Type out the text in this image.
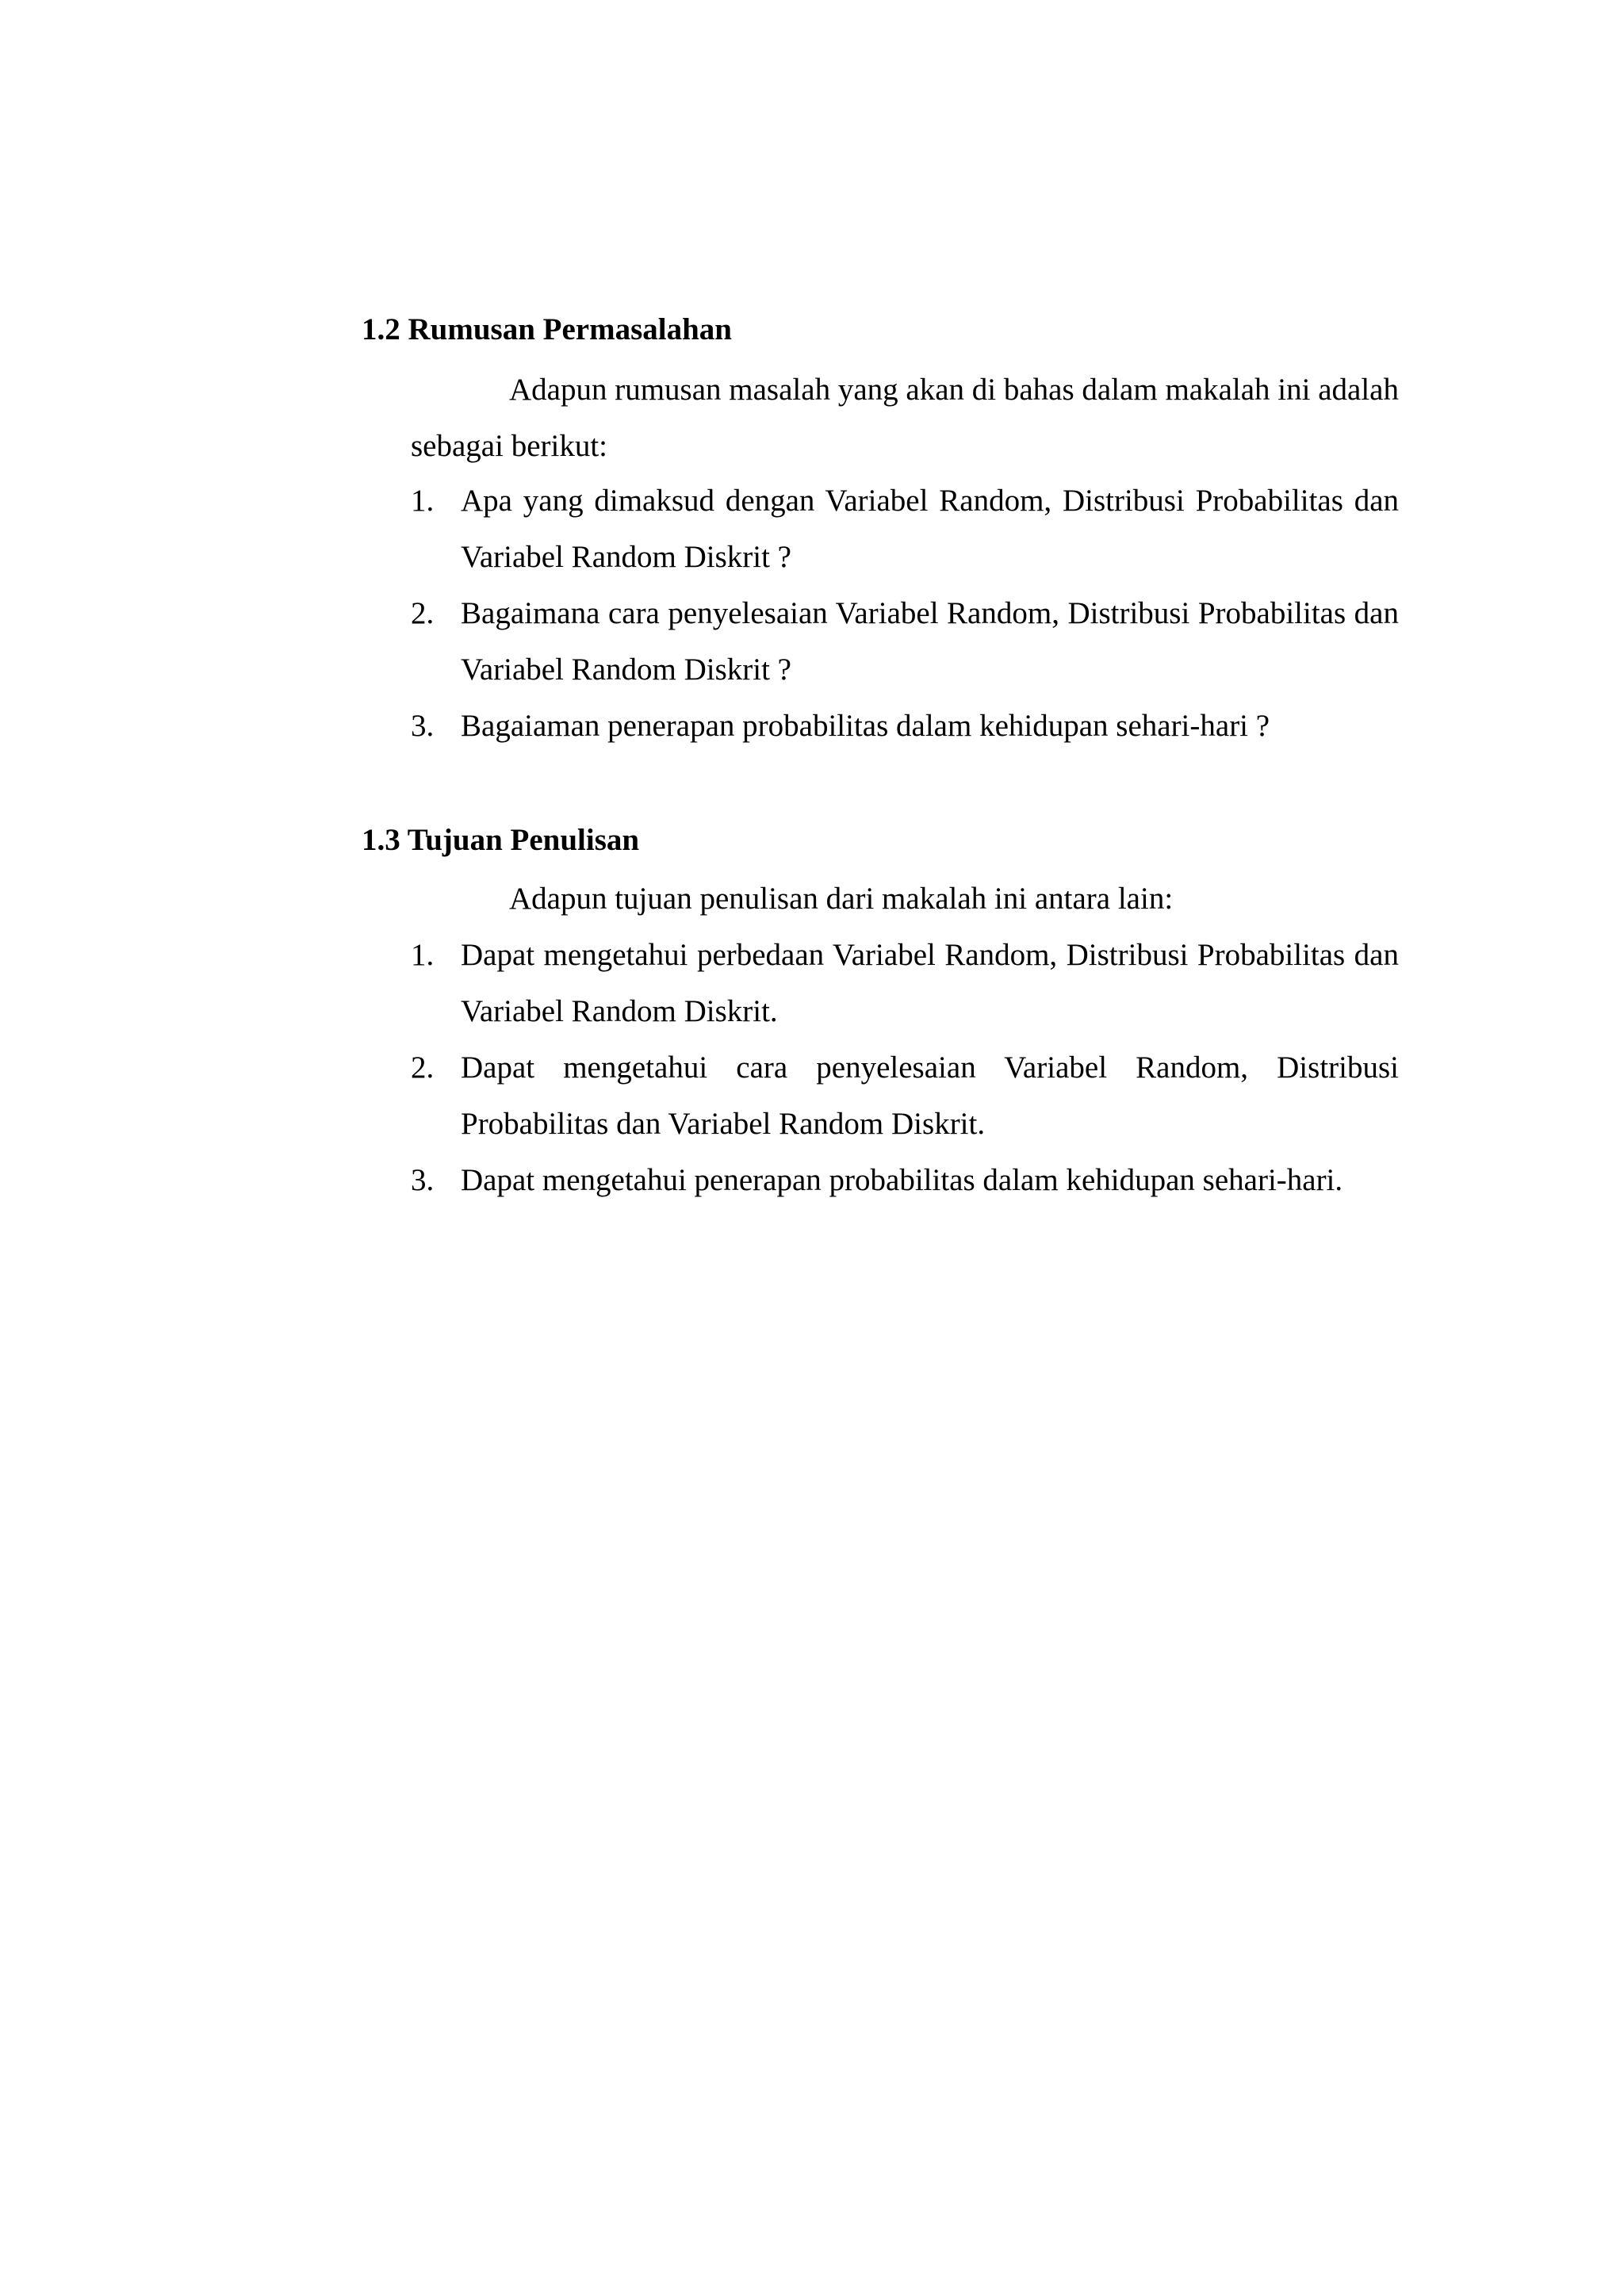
1.2 Rumusan Permasalahan

Adapun rumusan masalah yang akan di bahas dalam makalah ini adalah sebagai berikut:

1. Apa yang dimaksud dengan Variabel Random, Distribusi Probabilitas dan Variabel Random Diskrit ?
2. Bagaimana cara penyelesaian Variabel Random, Distribusi Probabilitas dan Variabel Random Diskrit ?
3. Bagaiaman penerapan probabilitas dalam kehidupan sehari-hari ?
1.3 Tujuan Penulisan

Adapun tujuan penulisan dari makalah ini antara lain:

1. Dapat mengetahui perbedaan Variabel Random, Distribusi Probabilitas dan Variabel Random Diskrit.
2. Dapat mengetahui cara penyelesaian Variabel Random, Distribusi Probabilitas dan Variabel Random Diskrit.
3. Dapat mengetahui penerapan probabilitas dalam kehidupan sehari-hari.
